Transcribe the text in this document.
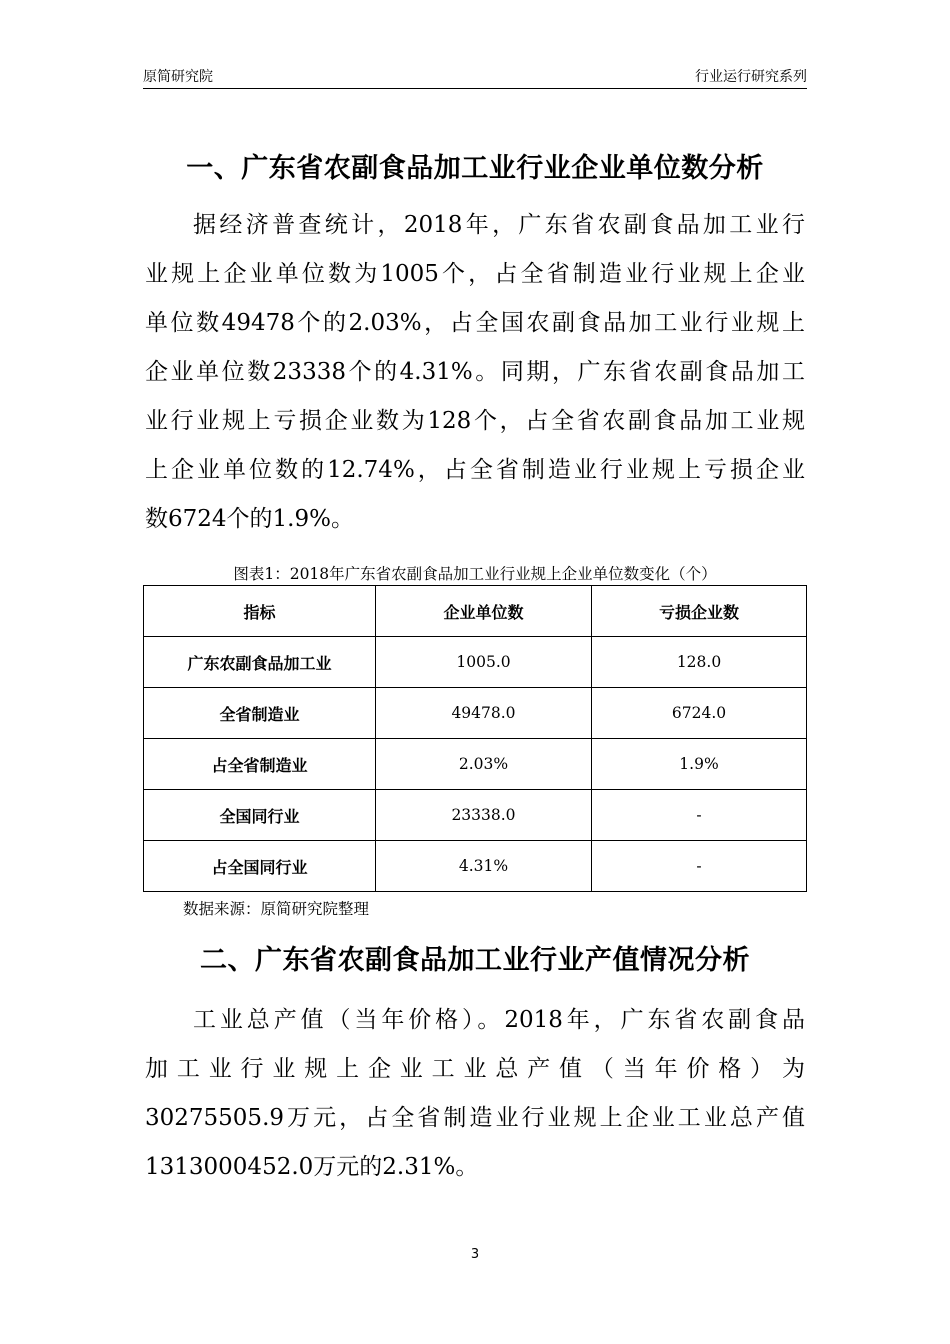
原简研究院	行业运行研究系列
一、广东省农副食品加工业行业企业单位数分析
据经济普查统计，2018年，广东省农副食品加工业行
业规上企业单位数为1005个，占全省制造业行业规上企业
单位数49478个的2.03%，占全国农副食品加工业行业规上
企业单位数23338个的4.31%。同期，广东省农副食品加工
业行业规上亏损企业数为128个，占全省农副食品加工业规
上企业单位数的12.74%，占全省制造业行业规上亏损企业
数6724个的1.9%。
图表1：2018年广东省农副食品加工业行业规上企业单位数变化（个）
指标	企业单位数	亏损企业数
广东农副食品加工业	1005.0	128.0
全省制造业	49478.0	6724.0
占全省制造业	2.03%	1.9%
全国同行业	23338.0	-
占全国同行业	4.31%	-
数据来源：原简研究院整理
二、广东省农副食品加工业行业产值情况分析
工业总产值（当年价格）。2018年，广东省农副食品
加工业行业规上企业工业总产值（当年价格）为
30275505.9万元，占全省制造业行业规上企业工业总产值
1313000452.0万元的2.31%。
3
